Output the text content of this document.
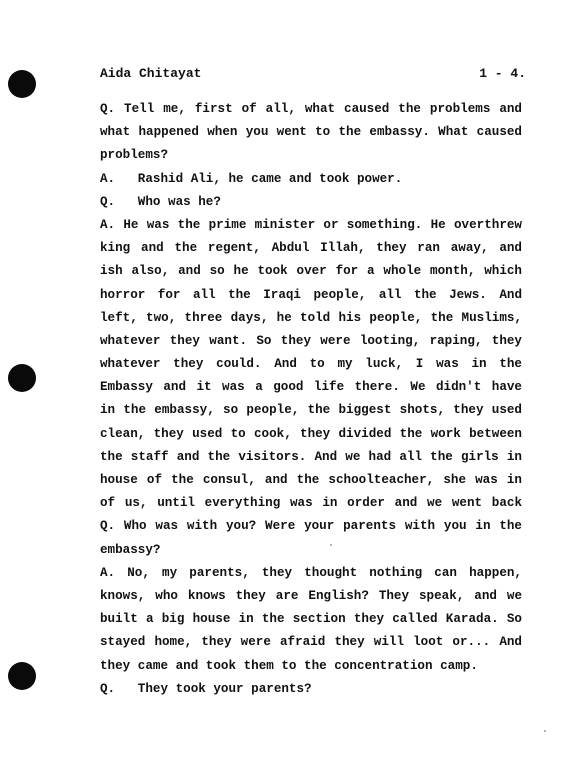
Aida Chitayat	1 - 4.
Q. Tell me, first of all, what caused the problems and
what happened when you went to the embassy. What caused
problems?
A.   Rashid Ali, he came and took power.
Q.   Who was he?
A. He was the prime minister or something. He overthrew
king and the regent, Abdul Illah, they ran away, and
ish also, and so he took over for a whole month, which
horror for all the Iraqi people, all the Jews. And
left, two, three days, he told his people, the Muslims,
whatever they want. So they were looting, raping, they
whatever they could. And to my luck, I was in the
Embassy and it was a good life there. We didn't have
in the embassy, so people, the biggest shots, they used
clean, they used to cook, they divided the work between
the staff and the visitors. And we had all the girls in
house of the consul, and the schoolteacher, she was in
of us, until everything was in order and we went back
Q. Who was with you? Were your parents with you in the
embassy?
A. No, my parents, they thought nothing can happen,
knows, who knows they are English? They speak, and we
built a big house in the section they called Karada. So
stayed home, they were afraid they will loot or... And
they came and took them to the concentration camp.
Q.   They took your parents?
